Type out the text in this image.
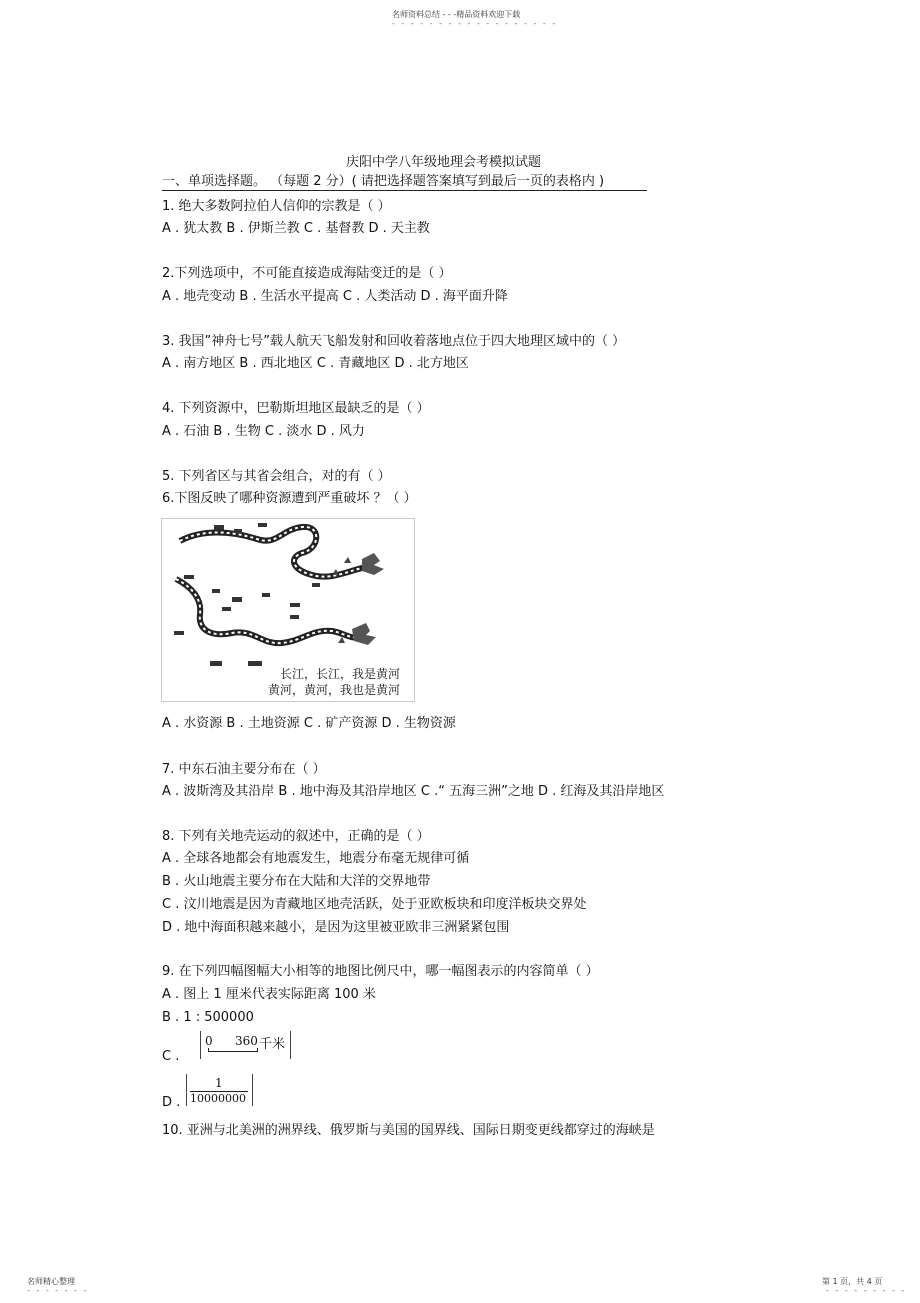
名师资料总结 - - -精品资料欢迎下载
- - - - - - - - - - - - - - - - - -
庆阳中学八年级地理会考模拟试题
一、单项选择题。 （每题 2 分）( 请把选择题答案填写到最后一页的表格内 )
1. 绝大多数阿拉伯人信仰的宗教是（ ）
A . 犹太教 B . 伊斯兰教 C . 基督教 D . 天主教
2.下列选项中，不可能直接造成海陆变迁的是（ ）
A . 地壳变动 B . 生活水平提高 C . 人类活动 D . 海平面升降
3. 我国”神舟七号”载人航天飞船发射和回收着落地点位于四大地理区域中的（ ）
A . 南方地区 B . 西北地区 C . 青藏地区 D . 北方地区
4. 下列资源中，巴勒斯坦地区最缺乏的是（ ）
A . 石油 B . 生物 C . 淡水 D . 风力
5. 下列省区与其省会组合，对的有（ ）
6.下图反映了哪种资源遭到严重破坏 ？（ ）
长江，长江，我是黄河
黄河，黄河，我也是黄河
A . 水资源 B . 土地资源 C . 矿产资源 D . 生物资源
7. 中东石油主要分布在（ ）
A . 波斯湾及其沿岸 B . 地中海及其沿岸地区 C .“ 五海三洲”之地 D . 红海及其沿岸地区
8. 下列有关地壳运动的叙述中，正确的是（ ）
A . 全球各地都会有地震发生，地震分布毫无规律可循
B . 火山地震主要分布在大陆和大洋的交界地带
C . 汶川地震是因为青藏地区地壳活跃，处于亚欧板块和印度洋板块交界处
D . 地中海面积越来越小，是因为这里被亚欧非三洲紧紧包围
9. 在下列四幅图幅大小相等的地图比例尺中，哪一幅图表示的内容简单（ ）
A . 图上 1 厘米代表实际距离 100 米
B . 1 : 500000
C .
0 360 千米
D .
1
10000000
10. 亚洲与北美洲的洲界线、俄罗斯与美国的国界线、国际日期变更线都穿过的海峡是
名师精心整理
- - - - - - -
第 1 页，共 4 页
- - - - - - - - -
